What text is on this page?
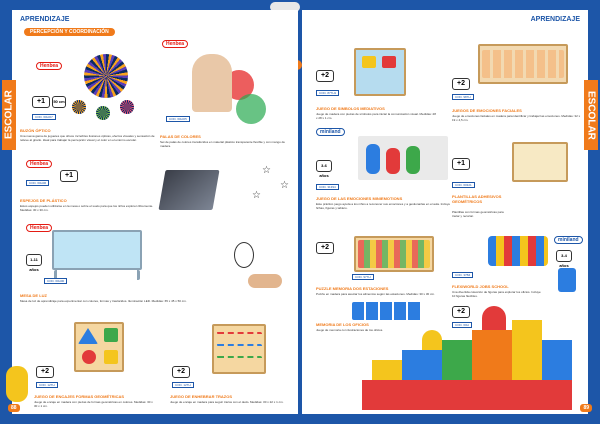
APRENDIZAJE
PERCEPCIÓN Y COORDINACIÓN
ESCOLAR
Henbea
+1	50 cm
COD. 60HO7
BUZÓN ÓPTICO
Una nueva gama de juguetes que ofrece increíbles ilusiones ópticas, efectos visuales y sensación de relieve al girarlo. Ideal para trabajar la percepción visual y el color en el entorno escolar.
Henbea
COD. 60HO5
PALAS DE COLORES
Set de palas de colores translúcidos en material plástico transparente flexible y con mango de madera.
Henbea
+1
COD. 60H06
☆
☆
☆
ESPEJOS DE PLÁSTICO
Estos espejos pueden utilizarse en la mesa o sobre el suelo para que los niños exploren libremente. Medidas: 30 x 30 cm.
Henbea
1-11 años
COD. 60H00
MESA DE LUZ
Mesa de luz de aprendizaje para experimentar con colores, formas y traslúcidos. Iluminación LED. Medidas: 65 x 45 x 50 cm.
+2
COD. 12TH
JUEGO DE ENCAJES FORMAS GEOMÉTRICAS
Juego de encaje en madera con piezas de formas geométricas en colores. Medidas: 30 x 30 x 1 cm.
+2
COD. 12TH
JUEGO DE ENHEBRAR TRAZOS
Juego de encaje en madera para seguir trazos con el dedo. Medidas: 30 x 22 x 1 cm.
88
APRENDIZAJE
ESCOLAR
+2
COD. 877H1
JUEGO DE SIMBOLOS MEDIATIVOS
Juego de madera con piezas de símbolos para iniciar la comunicación visual. Medidas: 28 x 28 x 1 cm.
+2
COD. 987H
JUEGOS DE EMOCIONES FACIALES
Juego de emociones faciales en madera para identificar y trabajar las emociones. Medidas: 32 x 19 x 4,5 cm.
miniland
3-6 años
COD. 31394
JUEGO DE LAS EMOCIONES MINIEMOTIONS
Este práctico juego ayuda a los niños a reconocer sus emociones y a gestionarlas en el aula. Incluye fichas, figuras y tablero.
+1
COD. 60321
PLANTILLAS ADHESIVOS GEOMÉTRICOS
Plantillas con formas geométricas para trazar y recortar.
+2
COD. 977H
PUZZLE MEMORIA DOS ESTACIONES
Puzzle en madera para asociar los alimentos según las estaciones. Medidas: 30 x 30 cm.
MEMORIA DE LOS OFICIOS
Juego de memoria con ilustraciones de los oficios.
miniland
3-4 años
COD. 37B4
FLEXIWORLD JOBS SCHOOL
Una divertida colección de figuras para explorar los oficios. Incluye 10 figuras flexibles.
+2
COD. 60H
89
